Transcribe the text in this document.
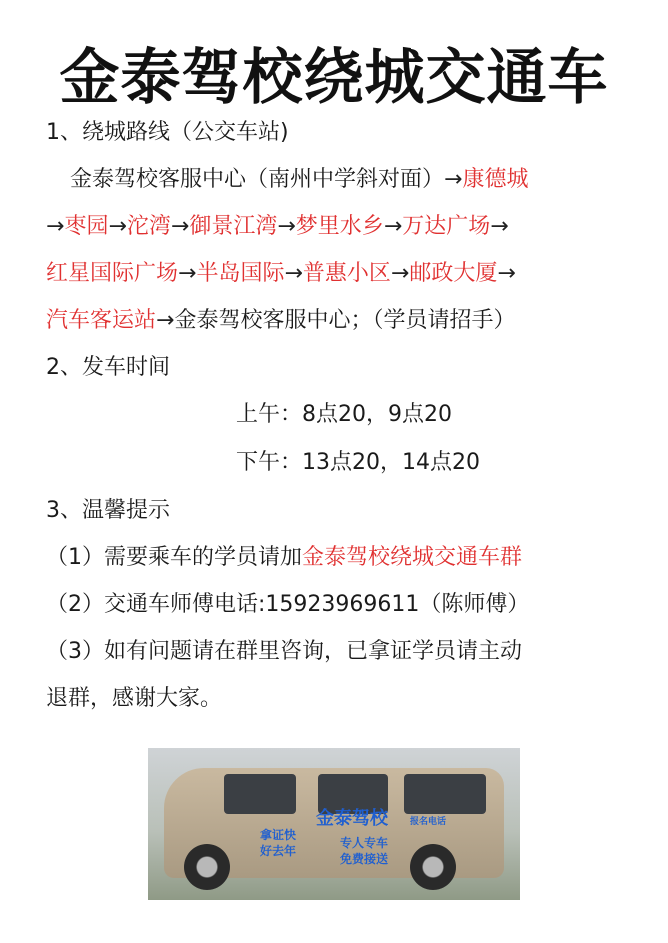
金泰驾校绕城交通车
1、绕城路线（公交车站)
金泰驾校客服中心（南州中学斜对面）→康德城
→枣园→沱湾→御景江湾→梦里水乡→万达广场→
红星国际广场→半岛国际→普惠小区→邮政大厦→
汽车客运站→金泰驾校客服中心；（学员请招手）
2、发车时间
上午：8点20，9点20
下午：13点20，14点20
3、温馨提示
（1）需要乘车的学员请加金泰驾校绕城交通车群
（2）交通车师傅电话:15923969611（陈师傅）
（3）如有问题请在群里咨询，已拿证学员请主动
退群，感谢大家。
拿证快
好去年
金泰驾校
专人专车
免费接送
报名电话
